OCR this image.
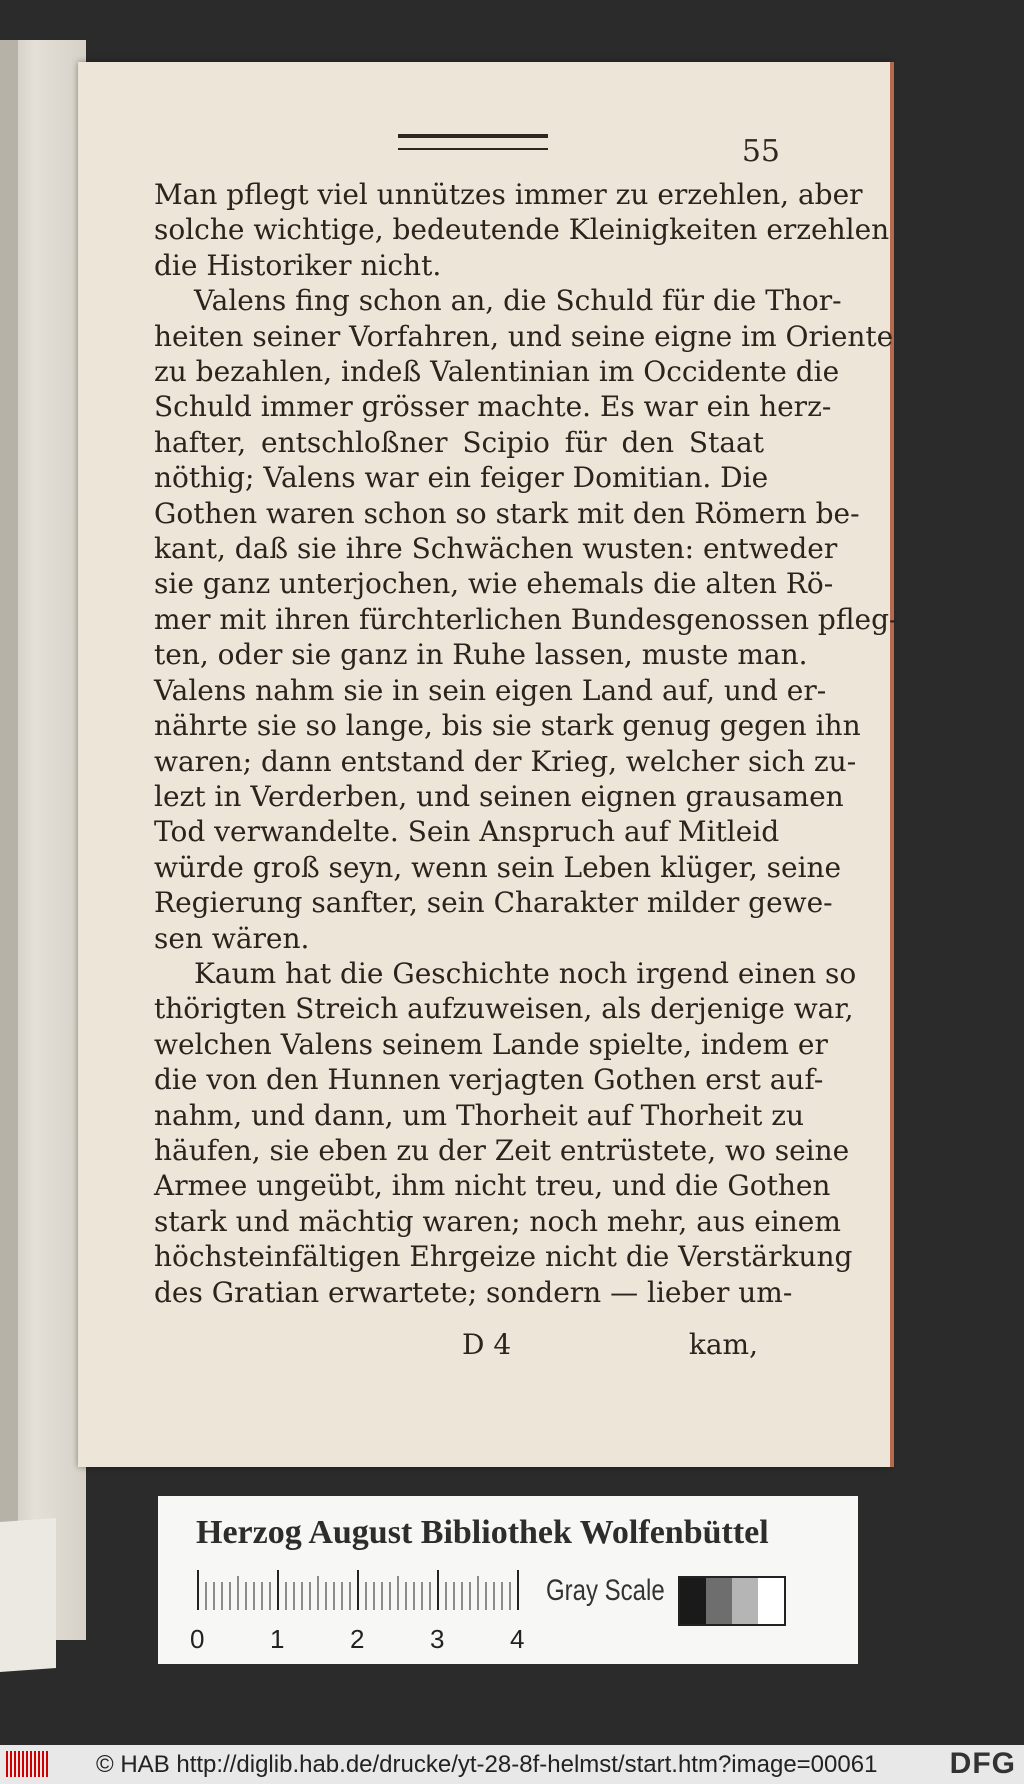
55
Man pflegt viel unnützes immer zu erzehlen, aber
solche wichtige, bedeutende Kleinigkeiten erzehlen
die Historiker nicht.
Valens fing schon an, die Schuld für die Thor-
heiten seiner Vorfahren, und seine eigne im Oriente
zu bezahlen, indeß Valentinian im Occidente die
Schuld immer grösser machte. Es war ein herz-
hafter, entschloßner Scipio für den Staat
nöthig; Valens war ein feiger Domitian. Die
Gothen waren schon so stark mit den Römern be-
kant, daß sie ihre Schwächen wusten: entweder
sie ganz unterjochen, wie ehemals die alten Rö-
mer mit ihren fürchterlichen Bundesgenossen pfleg-
ten, oder sie ganz in Ruhe lassen, muste man.
Valens nahm sie in sein eigen Land auf, und er-
nährte sie so lange, bis sie stark genug gegen ihn
waren; dann entstand der Krieg, welcher sich zu-
lezt in Verderben, und seinen eignen grausamen
Tod verwandelte. Sein Anspruch auf Mitleid
würde groß seyn, wenn sein Leben klüger, seine
Regierung sanfter, sein Charakter milder gewe-
sen wären.
Kaum hat die Geschichte noch irgend einen so
thörigten Streich aufzuweisen, als derjenige war,
welchen Valens seinem Lande spielte, indem er
die von den Hunnen verjagten Gothen erst auf-
nahm, und dann, um Thorheit auf Thorheit zu
häufen, sie eben zu der Zeit entrüstete, wo seine
Armee ungeübt, ihm nicht treu, und die Gothen
stark und mächtig waren; noch mehr, aus einem
höchsteinfältigen Ehrgeize nicht die Verstärkung
des Gratian erwartete; sondern — lieber um-
D 4	kam,
Herzog August Bibliothek Wolfenbüttel
0	1	2	3	4
Gray Scale
© HAB http://diglib.hab.de/drucke/yt-28-8f-helmst/start.htm?image=00061 DFG
